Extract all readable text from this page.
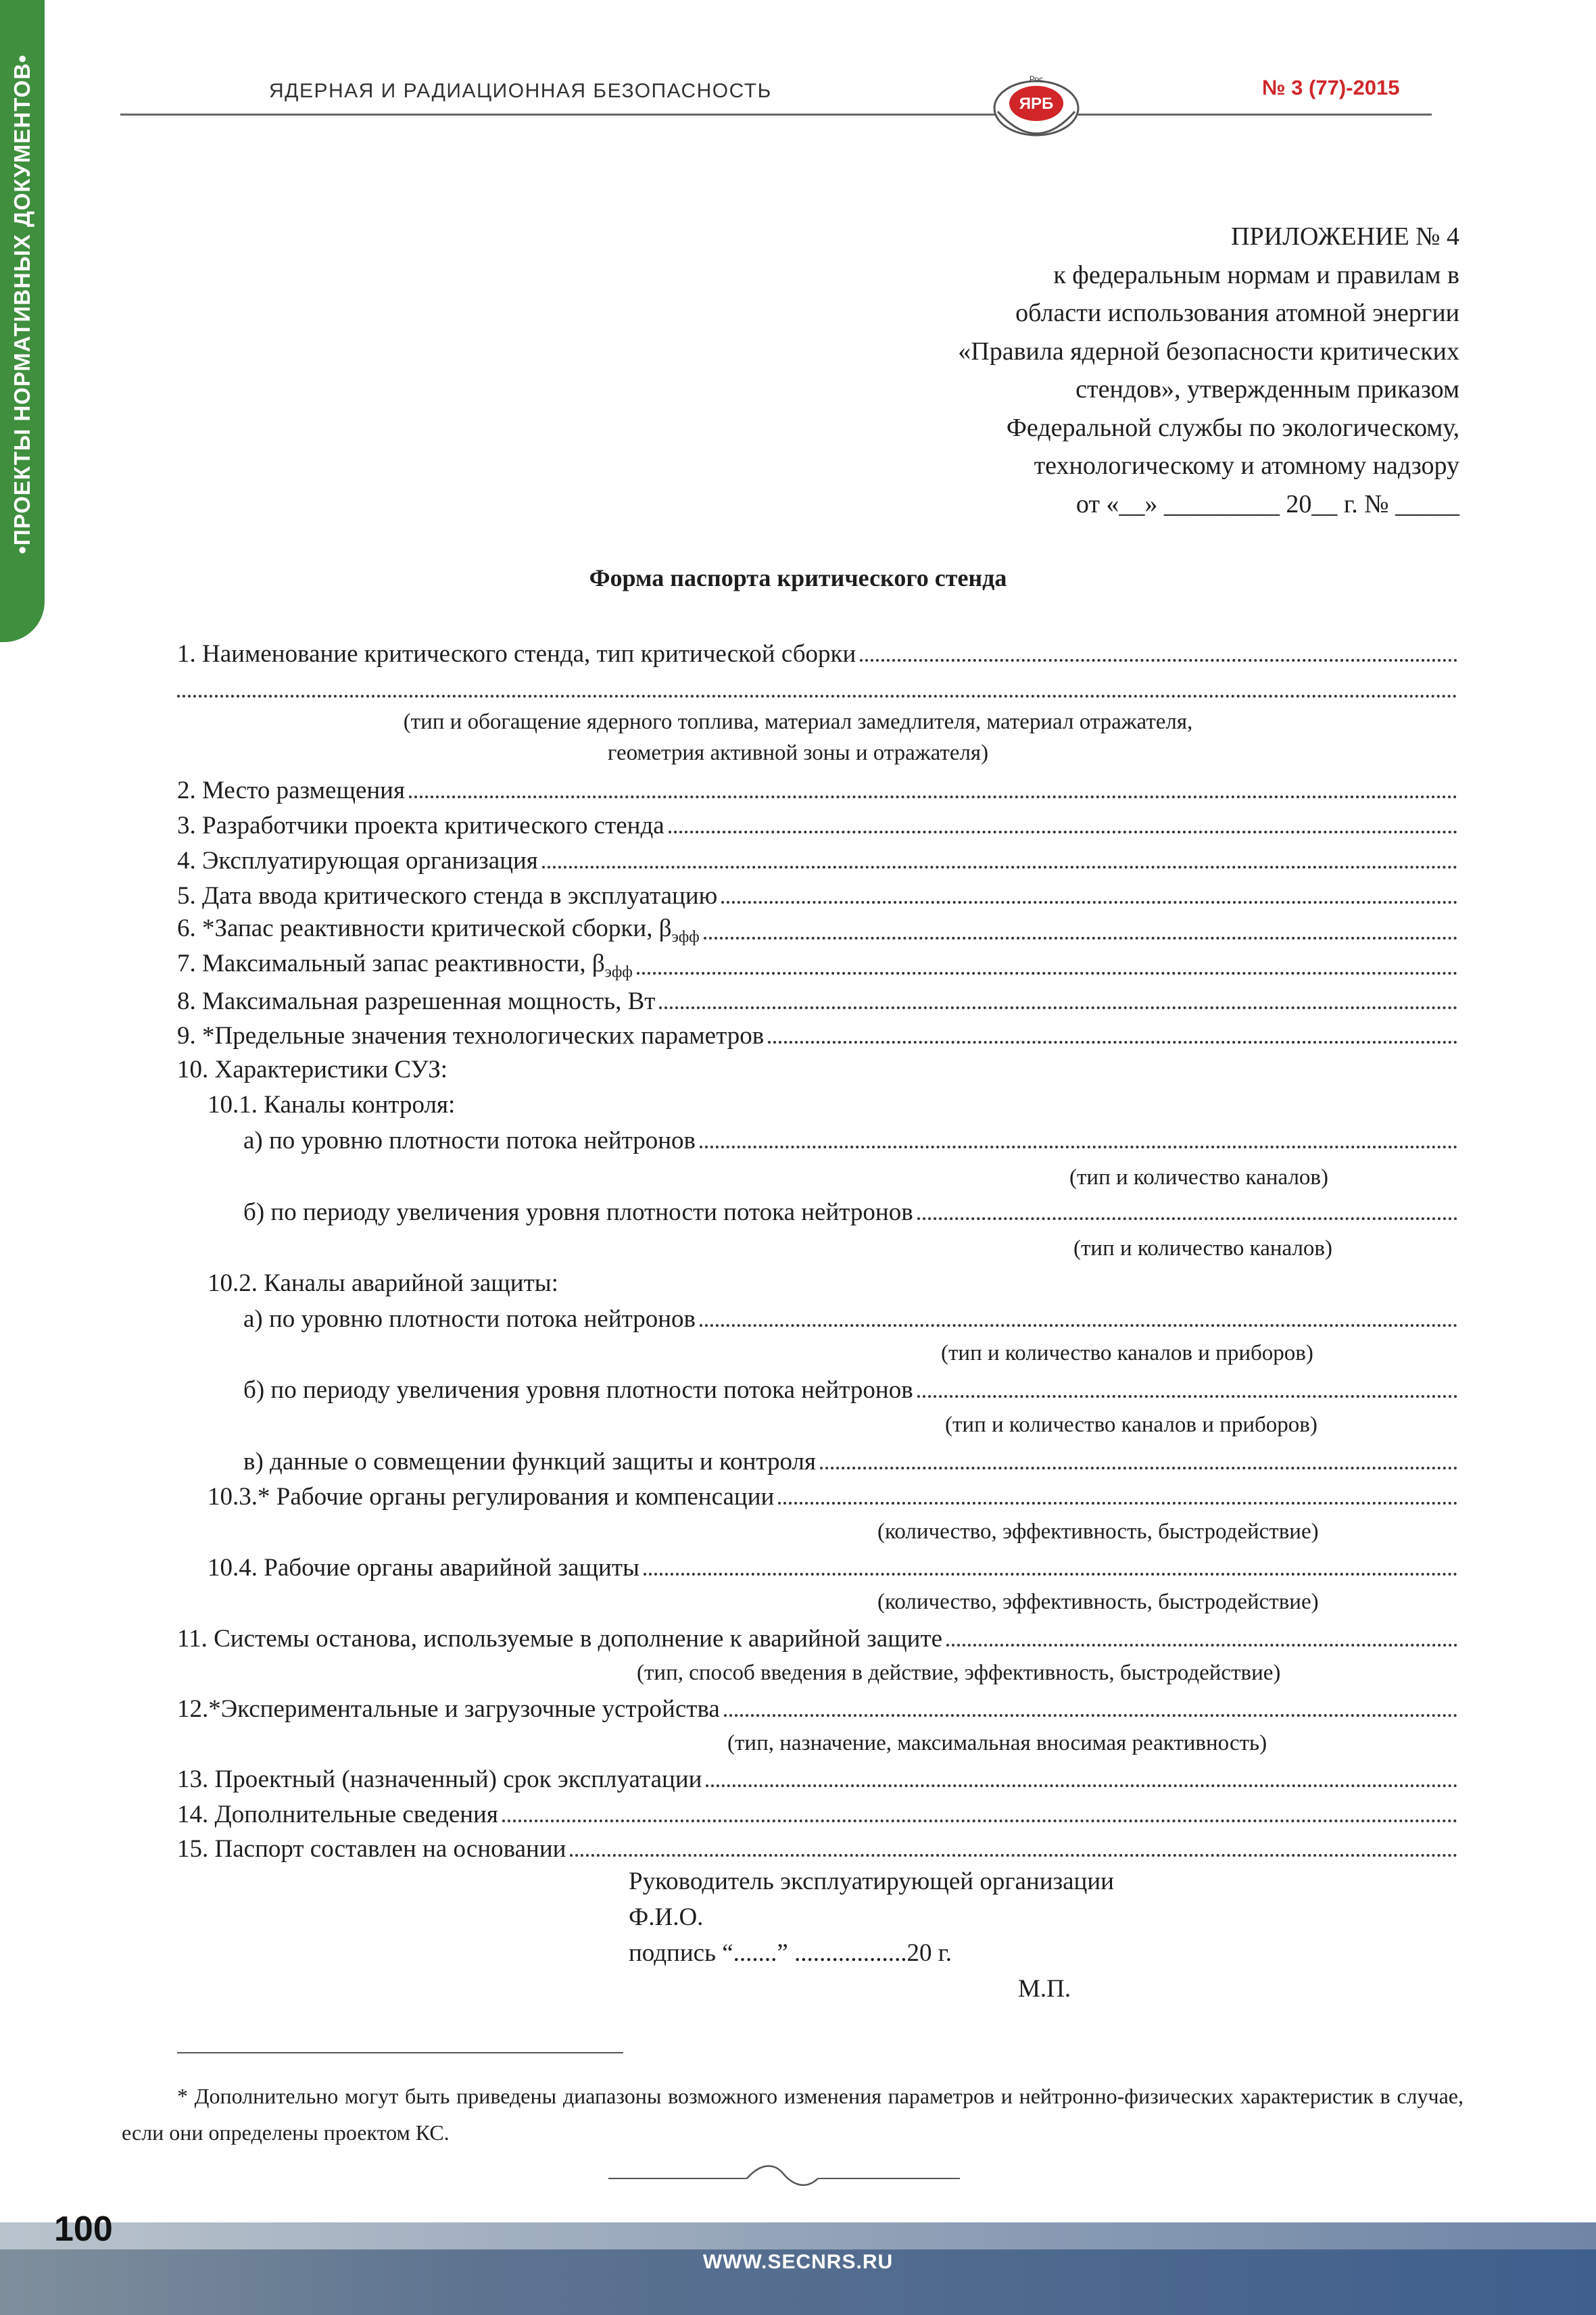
•ПРОЕКТЫ НОРМАТИВНЫХ ДОКУМЕНТОВ•	ЯДЕРНАЯ И РАДИАЦИОННАЯ БЕЗОПАСНОСТЬ
ЯРБ
Рос	№ 3 (77)-2015
ПРИЛОЖЕНИЕ № 4
к федеральным нормам и правилам в
области использования атомной энергии
«Правила ядерной безопасности критических
стендов», утвержденным приказом
Федеральной службы по экологическому,
технологическому и атомному надзору
от «__» _________ 20__ г. № _____
Форма паспорта критического стенда
1. Наименование критического стенда, тип критической сборки
(тип и обогащение ядерного топлива, материал замедлителя, материал отражателя,
геометрия активной зоны и отражателя)
2. Место размещения
3. Разработчики проекта критического стенда
4. Эксплуатирующая организация
5. Дата ввода критического стенда в эксплуатацию
6. *Запас реактивности критической сборки, $\beta_{эфф}$
7. Максимальный запас реактивности, $\beta_{эфф}$
8. Максимальная разрешенная мощность, Вт
9. *Предельные значения технологических параметров
10. Характеристики СУЗ:
10.1. Каналы контроля:
а) по уровню плотности потока нейтронов
(тип и количество каналов)
б) по периоду увеличения уровня плотности потока нейтронов
(тип и количество каналов)
10.2. Каналы аварийной защиты:
а) по уровню плотности потока нейтронов
(тип и количество каналов и приборов)
б) по периоду увеличения уровня плотности потока нейтронов
(тип и количество каналов и приборов)
в) данные о совмещении функций защиты и контроля
10.3.* Рабочие органы регулирования и компенсации
(количество, эффективность, быстродействие)
10.4. Рабочие органы аварийной защиты
(количество, эффективность, быстродействие)
11. Системы останова, используемые в дополнение к аварийной защите
(тип, способ введения в действие, эффективность, быстродействие)
12.*Экспериментальные и загрузочные устройства
(тип, назначение, максимальная вносимая реактивность)
13. Проектный (назначенный) срок эксплуатации
14. Дополнительные сведения
15. Паспорт составлен на основании
Руководитель эксплуатирующей организации
Ф.И.О.
подпись “.......” ..................20 г.
М.П.
* Дополнительно могут быть приведены диапазоны возможного изменения параметров и нейтронно-физических характеристик в случае, если они определены проектом КС.
100
WWW.SECNRS.RU
